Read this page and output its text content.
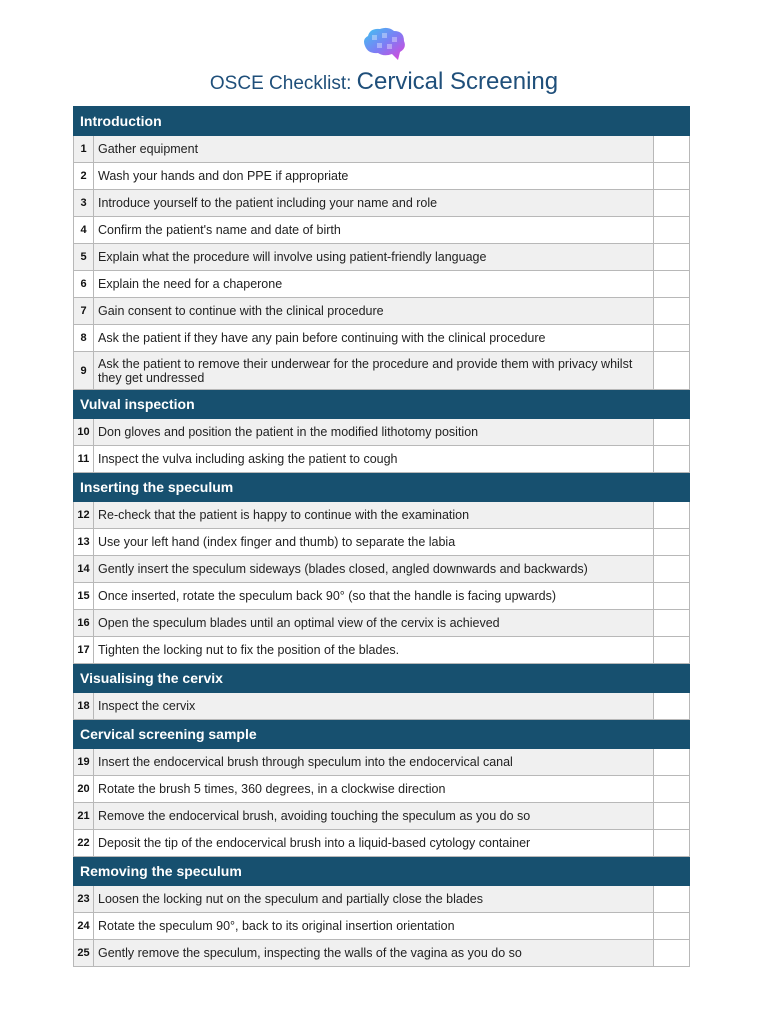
OSCE Checklist: Cervical Screening
Introduction		
1	Gather equipment	
2	Wash your hands and don PPE if appropriate	
3	Introduce yourself to the patient including your name and role	
4	Confirm the patient's name and date of birth	
5	Explain what the procedure will involve using patient-friendly language	
6	Explain the need for a chaperone	
7	Gain consent to continue with the clinical procedure	
8	Ask the patient if they have any pain before continuing with the clinical procedure	
9	Ask the patient to remove their underwear for the procedure and provide them with privacy whilst they get undressed	
Vulval inspection		
10	Don gloves and position the patient in the modified lithotomy position	
11	Inspect the vulva including asking the patient to cough	
Inserting the speculum		
12	Re-check that the patient is happy to continue with the examination	
13	Use your left hand (index finger and thumb) to separate the labia	
14	Gently insert the speculum sideways (blades closed, angled downwards and backwards)	
15	Once inserted, rotate the speculum back 90° (so that the handle is facing upwards)	
16	Open the speculum blades until an optimal view of the cervix is achieved	
17	Tighten the locking nut to fix the position of the blades.	
Visualising the cervix		
18	Inspect the cervix	
Cervical screening sample		
19	Insert the endocervical brush through speculum into the endocervical canal	
20	Rotate the brush 5 times, 360 degrees, in a clockwise direction	
21	Remove the endocervical brush, avoiding touching the speculum as you do so	
22	Deposit the tip of the endocervical brush into a liquid-based cytology container	
Removing the speculum		
23	Loosen the locking nut on the speculum and partially close the blades	
24	Rotate the speculum 90°, back to its original insertion orientation	
25	Gently remove the speculum, inspecting the walls of the vagina as you do so	
